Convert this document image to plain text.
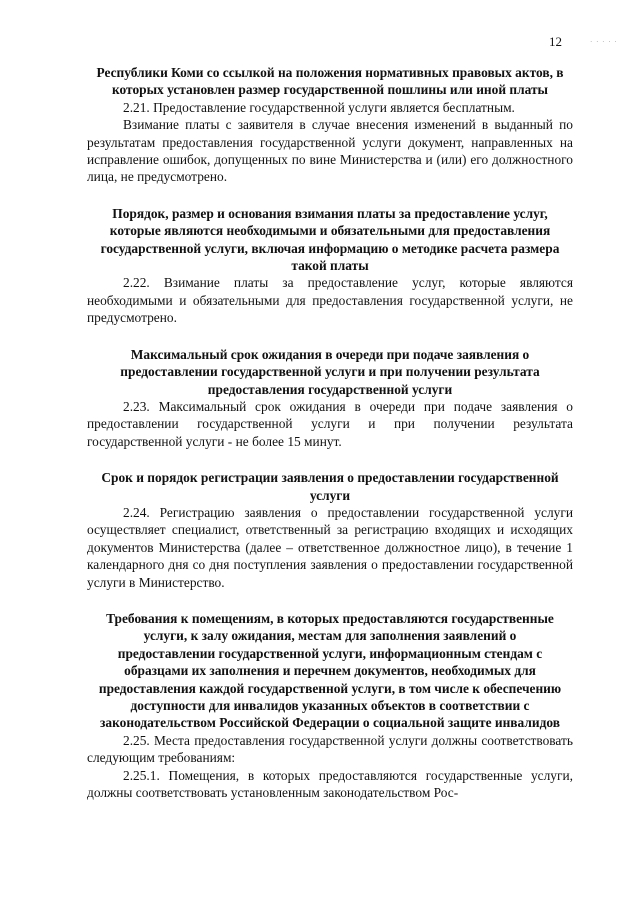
12	· · · · ·

Республики Коми со ссылкой на положения нормативных правовых актов, в которых установлен размер государственной пошлины или иной платы

2.21. Предоставление государственной услуги является бесплатным.

Взимание платы с заявителя в случае внесения изменений в выданный по результатам предоставления государственной услуги документ, направленных на исправление ошибок, допущенных по вине Министерства и (или) его должностного лица, не предусмотрено.

Порядок, размер и основания взимания платы за предоставление услуг, которые являются необходимыми и обязательными для предоставления государственной услуги, включая информацию о методике расчета размера такой платы

2.22. Взимание платы за предоставление услуг, которые являются необходимыми и обязательными для предоставления государственной услуги, не предусмотрено.

Максимальный срок ожидания в очереди при подаче заявления о предоставлении государственной услуги и при получении результата предоставления государственной услуги

2.23. Максимальный срок ожидания в очереди при подаче заявления о предоставлении государственной услуги и при получении результата государственной услуги - не более 15 минут.

Срок и порядок регистрации заявления о предоставлении государственной услуги

2.24. Регистрацию заявления о предоставлении государственной услуги осуществляет специалист, ответственный за регистрацию входящих и исходящих документов Министерства (далее – ответственное должностное лицо), в течение 1 календарного дня со дня поступления заявления о предоставлении государственной услуги в Министерство.

Требования к помещениям, в которых предоставляются государственные услуги, к залу ожидания, местам для заполнения заявлений о предоставлении государственной услуги, информационным стендам с образцами их заполнения и перечнем документов, необходимых для предоставления каждой государственной услуги, в том числе к обеспечению доступности для инвалидов указанных объектов в соответствии с законодательством Российской Федерации о социальной защите инвалидов

2.25. Места предоставления государственной услуги должны соответствовать следующим требованиям:

2.25.1. Помещения, в которых предоставляются государственные услуги, должны соответствовать установленным законодательством Рос-
